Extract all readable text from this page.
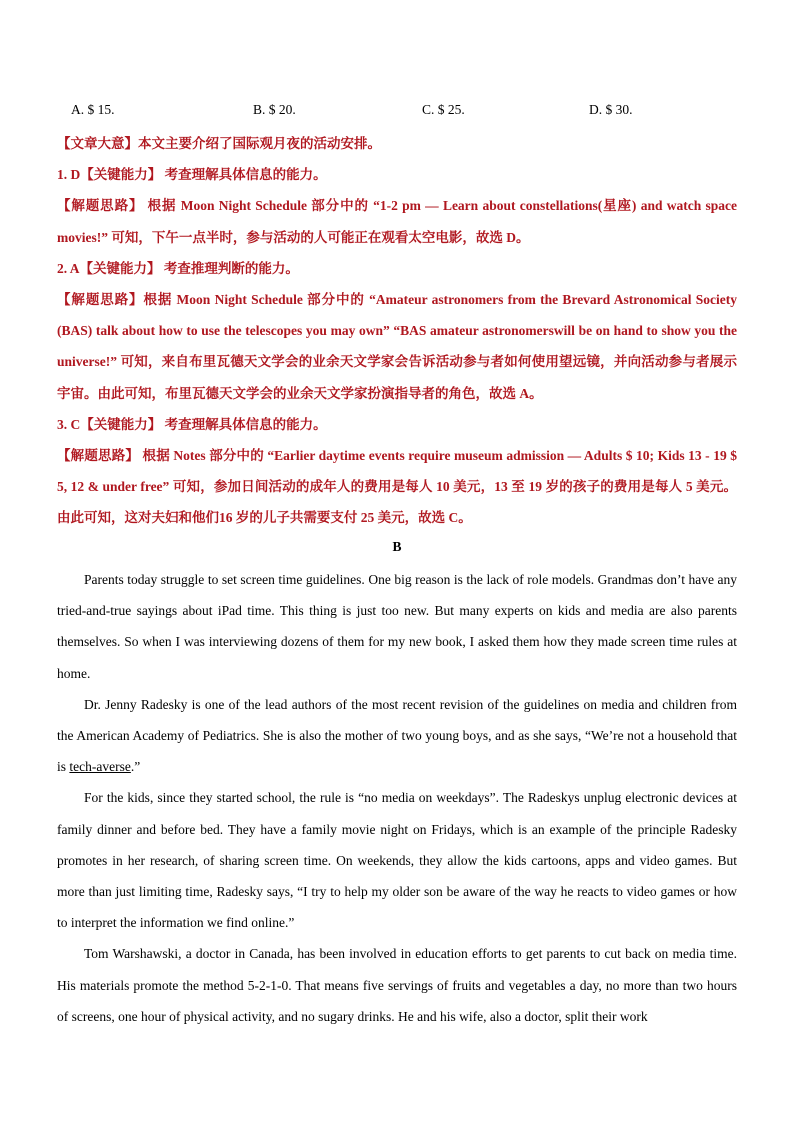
A. $ 15.	B. $ 20.	C. $ 25.	D. $ 30.

【文章大意】本文主要介绍了国际观月夜的活动安排。

1. D【关键能力】 考查理解具体信息的能力。

【解题思路】 根据 Moon Night Schedule 部分中的 “1-2 pm — Learn about constellations(星座) and watch space movies!” 可知，下午一点半时，参与活动的人可能正在观看太空电影，故选 D。

2. A【关键能力】 考查推理判断的能力。

【解题思路】根据 Moon Night Schedule 部分中的 “Amateur astronomers from the Brevard Astronomical Society (BAS) talk about how to use the telescopes you may own” “BAS amateur astronomerswill be on hand to show you the universe!” 可知，来自布里瓦德天文学会的业余天文学家会告诉活动参与者如何使用望远镜，并向活动参与者展示宇宙。由此可知，布里瓦德天文学会的业余天文学家扮演指导者的角色，故选 A。

3. C【关键能力】 考查理解具体信息的能力。

【解题思路】 根据 Notes 部分中的 “Earlier daytime events require museum admission — Adults $ 10; Kids 13 - 19 $ 5, 12 & under free” 可知，参加日间活动的成年人的费用是每人 10 美元，13 至 19 岁的孩子的费用是每人 5 美元。由此可知，这对夫妇和他们16 岁的儿子共需要支付 25 美元，故选 C。

B

Parents today struggle to set screen time guidelines. One big reason is the lack of role models. Grandmas don’t have any tried-and-true sayings about iPad time. This thing is just too new. But many experts on kids and media are also parents themselves. So when I was interviewing dozens of them for my new book, I asked them how they made screen time rules at home.

Dr. Jenny Radesky is one of the lead authors of the most recent revision of the guidelines on media and children from the American Academy of Pediatrics. She is also the mother of two young boys, and as she says, “We’re not a household that is tech-averse.”

For the kids, since they started school, the rule is “no media on weekdays”. The Radeskys unplug electronic devices at family dinner and before bed. They have a family movie night on Fridays, which is an example of the principle Radesky promotes in her research, of sharing screen time. On weekends, they allow the kids cartoons, apps and video games. But more than just limiting time, Radesky says, “I try to help my older son be aware of the way he reacts to video games or how to interpret the information we find online.”

Tom Warshawski, a doctor in Canada, has been involved in education efforts to get parents to cut back on media time. His materials promote the method 5-2-1-0. That means five servings of fruits and vegetables a day, no more than two hours of screens, one hour of physical activity, and no sugary drinks. He and his wife, also a doctor, split their work
